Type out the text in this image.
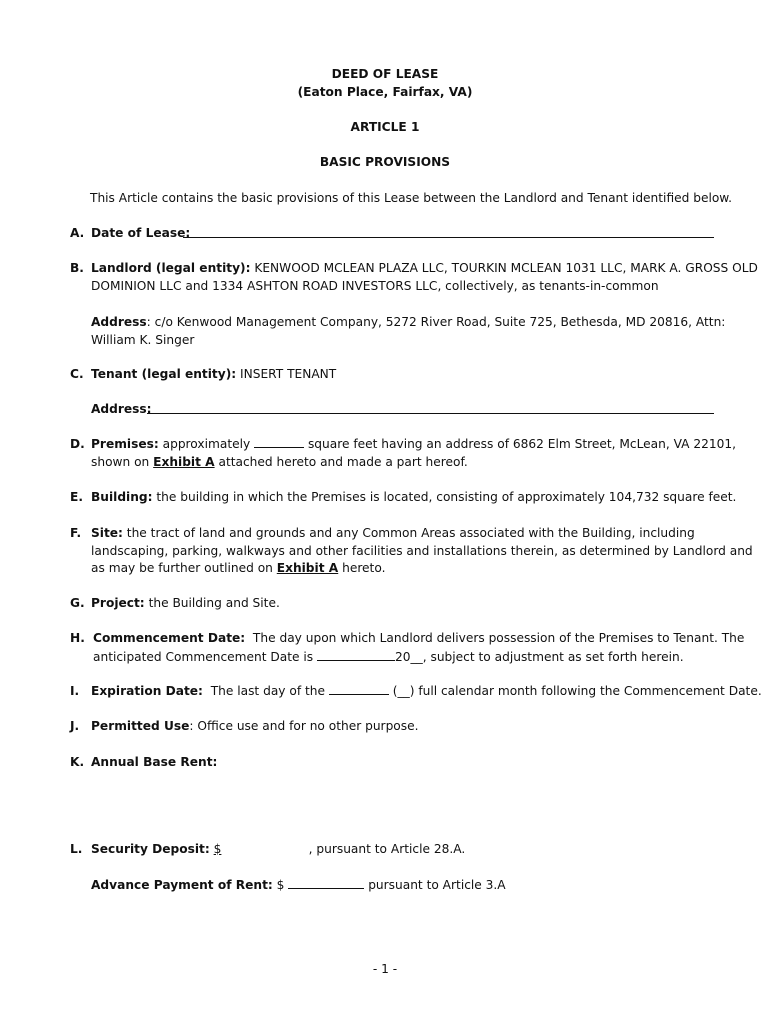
DEED OF LEASE
(Eaton Place, Fairfax, VA)
ARTICLE 1
BASIC PROVISIONS
This Article contains the basic provisions of this Lease between the Landlord and Tenant identified below.
A. Date of Lease:
B. Landlord (legal entity): KENWOOD MCLEAN PLAZA LLC, TOURKIN MCLEAN 1031 LLC, MARK A. GROSS OLD
DOMINION LLC and 1334 ASHTON ROAD INVESTORS LLC, collectively, as tenants-in-common
Address: c/o Kenwood Management Company, 5272 River Road, Suite 725, Bethesda, MD 20816, Attn:
William K. Singer
C. Tenant (legal entity): INSERT TENANT
Address:
D. Premises: approximately	square feet having an address of 6862 Elm Street, McLean, VA 22101,
shown on Exhibit A attached hereto and made a part hereof.
E. Building: the building in which the Premises is located, consisting of approximately 104,732 square feet.
F. Site: the tract of land and grounds and any Common Areas associated with the Building, including
landscaping, parking, walkways and other facilities and installations therein, as determined by Landlord and
as may be further outlined on Exhibit A hereto.
G. Project: the Building and Site.
H. Commencement Date: The day upon which Landlord delivers possession of the Premises to Tenant. The
anticipated Commencement Date is	20__, subject to adjustment as set forth herein.
I. Expiration Date: The last day of the	(__) full calendar month following the Commencement Date.
J. Permitted Use: Office use and for no other purpose.
K. Annual Base Rent:
L. Security Deposit: $	, pursuant to Article 28.A.
Advance Payment of Rent: $	pursuant to Article 3.A
- 1 -
